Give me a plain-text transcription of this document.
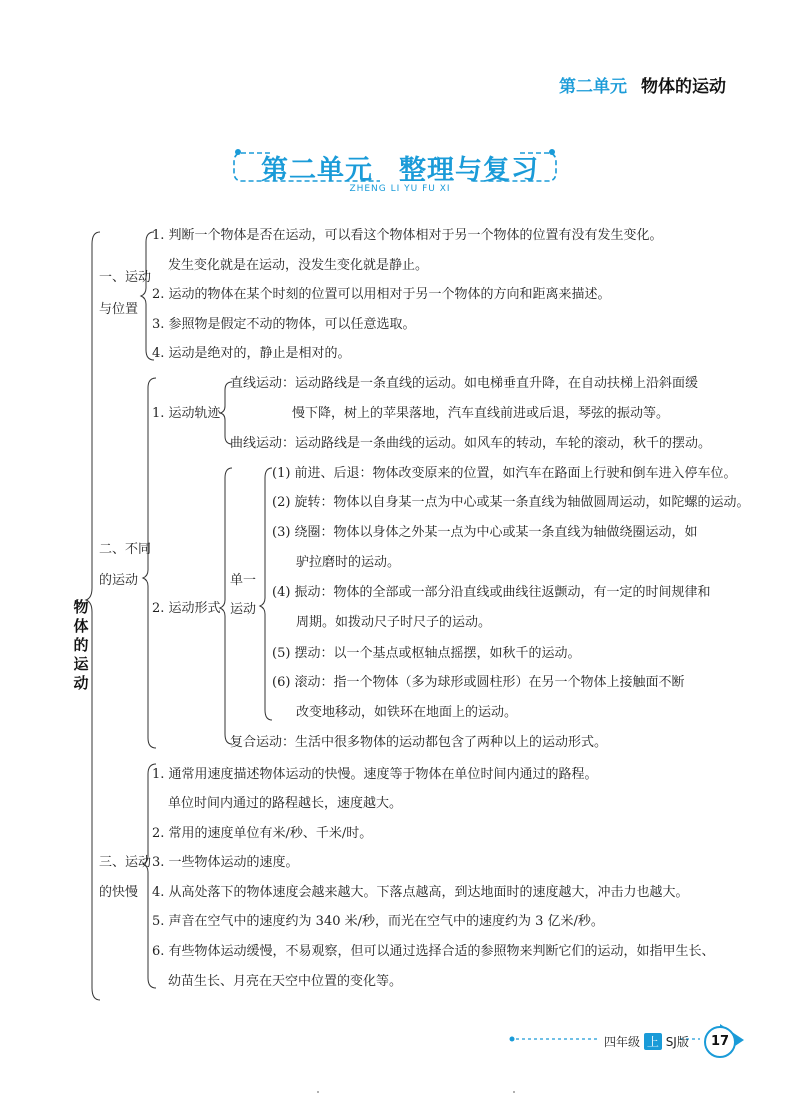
第二单元 物体的运动
第二单元 整理与复习
ZHENG LI YU FU XI
物
体
的
运
动
一、运动
与位置
1. 判断一个物体是否在运动，可以看这个物体相对于另一个物体的位置有没有发生变化。
发生变化就是在运动，没发生变化就是静止。
2. 运动的物体在某个时刻的位置可以用相对于另一个物体的方向和距离来描述。
3. 参照物是假定不动的物体，可以任意选取。
4. 运动是绝对的，静止是相对的。
二、不同
的运动
1. 运动轨迹
直线运动：运动路线是一条直线的运动。如电梯垂直升降，在自动扶梯上沿斜面缓
慢下降，树上的苹果落地，汽车直线前进或后退，琴弦的振动等。
曲线运动：运动路线是一条曲线的运动。如风车的转动，车轮的滚动，秋千的摆动。
2. 运动形式
单一
运动
(1) 前进、后退：物体改变原来的位置，如汽车在路面上行驶和倒车进入停车位。
(2) 旋转：物体以自身某一点为中心或某一条直线为轴做圆周运动，如陀螺的运动。
(3) 绕圈：物体以身体之外某一点为中心或某一条直线为轴做绕圈运动，如
驴拉磨时的运动。
(4) 振动：物体的全部或一部分沿直线或曲线往返颤动，有一定的时间规律和
周期。如拨动尺子时尺子的运动。
(5) 摆动：以一个基点或枢轴点摇摆，如秋千的运动。
(6) 滚动：指一个物体（多为球形或圆柱形）在另一个物体上接触面不断
改变地移动，如铁环在地面上的运动。
复合运动：生活中很多物体的运动都包含了两种以上的运动形式。
三、运动
的快慢
1. 通常用速度描述物体运动的快慢。速度等于物体在单位时间内通过的路程。
单位时间内通过的路程越长，速度越大。
2. 常用的速度单位有米/秒、千米/时。
3. 一些物体运动的速度。
4. 从高处落下的物体速度会越来越大。下落点越高，到达地面时的速度越大，冲击力也越大。
5. 声音在空气中的速度约为 340 米/秒，而光在空气中的速度约为 3 亿米/秒。
6. 有些物体运动缓慢，不易观察，但可以通过选择合适的参照物来判断它们的运动，如指甲生长、
幼苗生长、月亮在天空中位置的变化等。
四年级 上 SJ版	17
